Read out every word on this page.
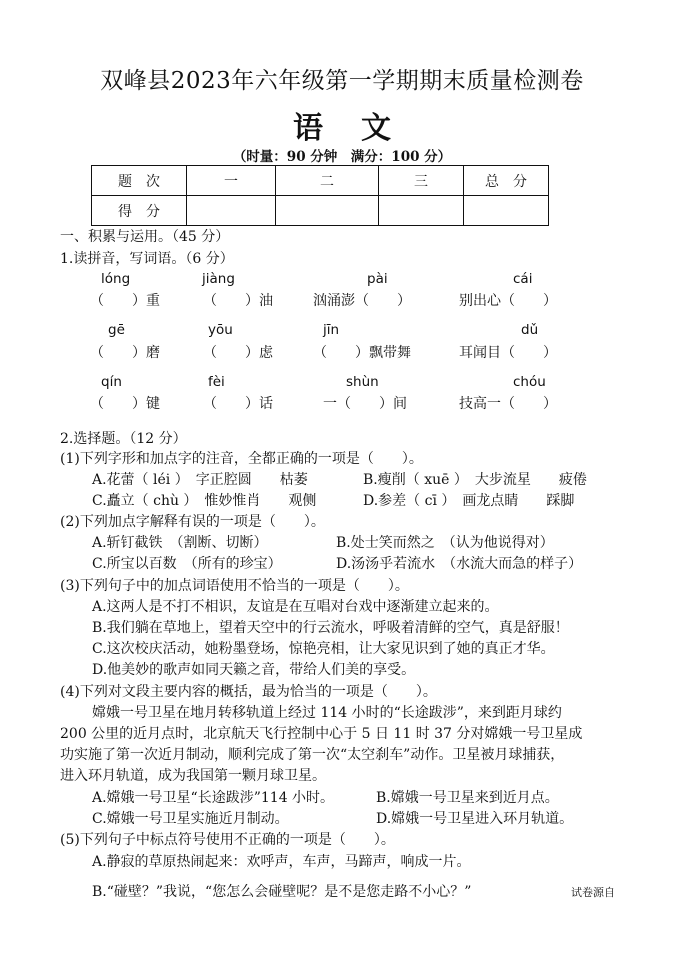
双峰县2023年六年级第一学期期末质量检测卷
语文
（时量：90 分钟　满分：100 分）
题　次	一	二	三	总　分
得　分				
一、积累与运用。（45 分）
1.读拼音，写词语。（6 分）
lóng	jiàng	pài	cái
（　　）重	（　　）油	汹涌澎（　　）	别出心（　　）
gē	yōu	jīn	dǔ
（　　）磨	（　　）虑	（　　）飘带舞	耳闻目（　　）
qín	fèi	shùn	chóu
（　　）键	（　　）话	一（　　）间	技高一（　　）
2.选择题。（12 分）
(1)下列字形和加点字的注音，全都正确的一项是（　　）。
A.花蕾（ léi ）　字正腔圆　　枯萎	B.瘦削（ xuē ）　大步流星　　疲倦
C.矗立（ chù ）　惟妙惟肖　　观侧	D.参差（ cī ）　画龙点睛　　踩脚
(2)下列加点字解释有误的一项是（　　）。
A.斩钉截铁　（割断、切断）	B.处士笑而然之　（认为他说得对）
C.所宝以百数　（所有的珍宝）	D.汤汤乎若流水　（水流大而急的样子）
(3)下列句子中的加点词语使用不恰当的一项是（　　）。
A.这两人是不打不相识，友谊是在互唱对台戏中逐渐建立起来的。
B.我们躺在草地上，望着天空中的行云流水，呼吸着清鲜的空气，真是舒服！
C.这次校庆活动，她粉墨登场，惊艳亮相，让大家见识到了她的真正才华。
D.他美妙的歌声如同天籁之音，带给人们美的享受。
(4)下列对文段主要内容的概括，最为恰当的一项是（　　）。
嫦娥一号卫星在地月转移轨道上经过 114 小时的“长途跋涉”，来到距月球约
200 公里的近月点时，北京航天飞行控制中心于 5 日 11 时 37 分对嫦娥一号卫星成
功实施了第一次近月制动，顺利完成了第一次“太空刹车”动作。卫星被月球捕获，
进入环月轨道，成为我国第一颗月球卫星。
A.嫦娥一号卫星“长途跋涉”114 小时。	B.嫦娥一号卫星来到近月点。
C.嫦娥一号卫星实施近月制动。	D.嫦娥一号卫星进入环月轨道。
(5)下列句子中标点符号使用不正确的一项是（　　）。
A.静寂的草原热闹起来：欢呼声，车声，马蹄声，响成一片。
B.“碰壁？”我说，“您怎么会碰壁呢？是不是您走路不小心？”	试卷源自
